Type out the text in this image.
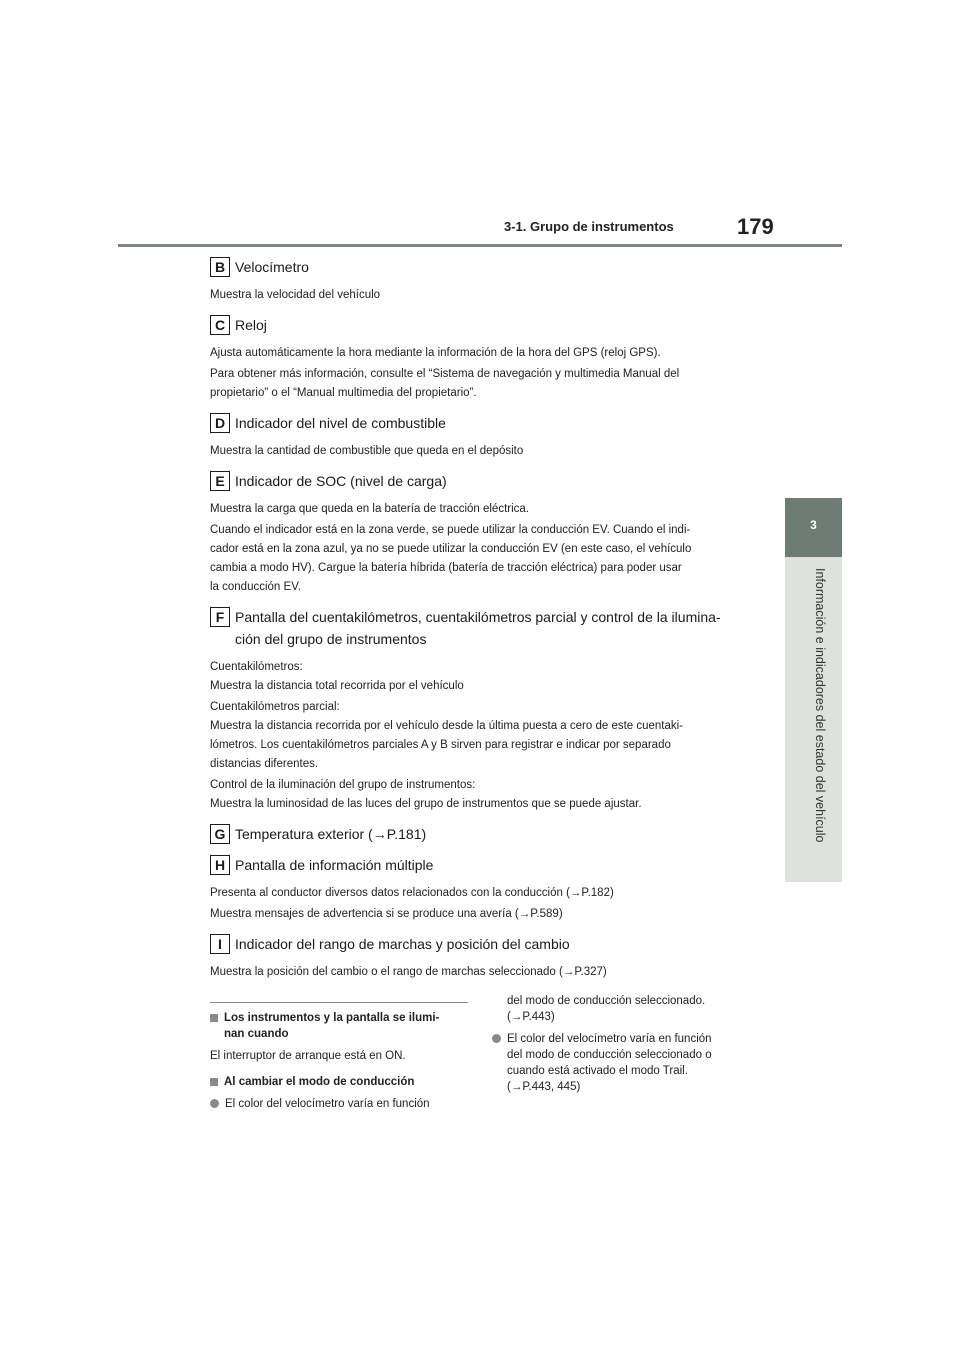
3-1. Grupo de instrumentos	179
3
Información e indicadores del estado del vehículo
B Velocímetro

Muestra la velocidad del vehículo

C Reloj

Ajusta automáticamente la hora mediante la información de la hora del GPS (reloj GPS).

Para obtener más información, consulte el “Sistema de navegación y multimedia Manual del
propietario” o el “Manual multimedia del propietario”.

D Indicador del nivel de combustible

Muestra la cantidad de combustible que queda en el depósito

E Indicador de SOC (nivel de carga)

Muestra la carga que queda en la batería de tracción eléctrica.

Cuando el indicador está en la zona verde, se puede utilizar la conducción EV. Cuando el indi-
cador está en la zona azul, ya no se puede utilizar la conducción EV (en este caso, el vehículo
cambia a modo HV). Cargue la batería híbrida (batería de tracción eléctrica) para poder usar
la conducción EV.

F Pantalla del cuentakilómetros, cuentakilómetros parcial y control de la ilumina-
ción del grupo de instrumentos

Cuentakilómetros:
Muestra la distancia total recorrida por el vehículo

Cuentakilómetros parcial:
Muestra la distancia recorrida por el vehículo desde la última puesta a cero de este cuentaki-
lómetros. Los cuentakilómetros parciales A y B sirven para registrar e indicar por separado
distancias diferentes.

Control de la iluminación del grupo de instrumentos:
Muestra la luminosidad de las luces del grupo de instrumentos que se puede ajustar.

G Temperatura exterior (→P.181)
H Pantalla de información múltiple

Presenta al conductor diversos datos relacionados con la conducción (→P.182)

Muestra mensajes de advertencia si se produce una avería (→P.589)

I Indicador del rango de marchas y posición del cambio

Muestra la posición del cambio o el rango de marchas seleccionado (→P.327)

Los instrumentos y la pantalla se ilumi-
nan cuando
El interruptor de arranque está en ON.
Al cambiar el modo de conducción
El color del velocímetro varía en función
del modo de conducción seleccionado.
(→P.443)
El color del velocímetro varía en función
del modo de conducción seleccionado o
cuando está activado el modo Trail.
(→P.443, 445)
